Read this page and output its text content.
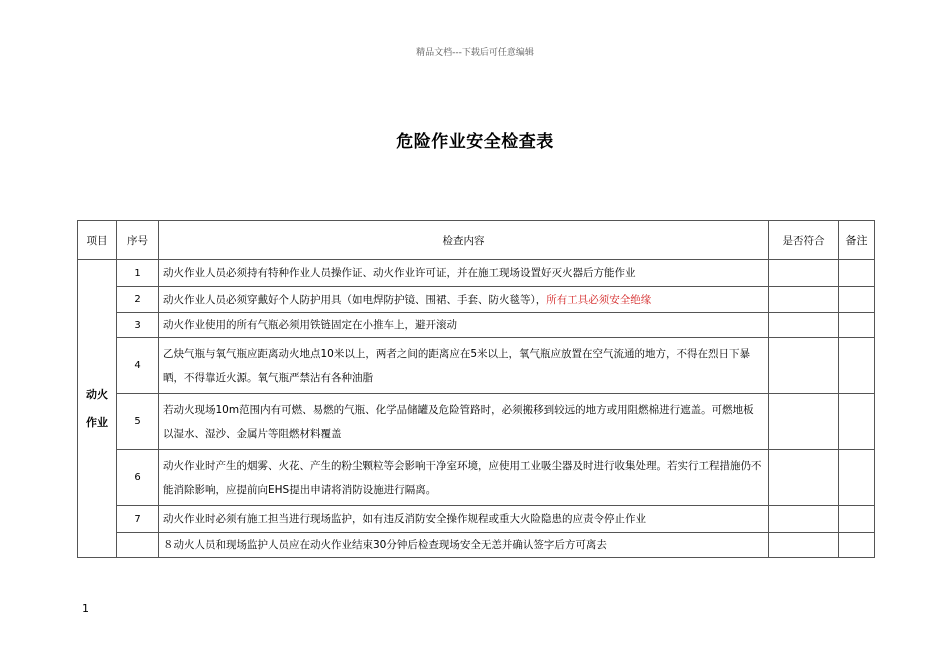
精品文档---下载后可任意编辑
危险作业安全检查表
项目	序号	检查内容	是否符合	备注

动火
作业	1	动火作业人员必须持有特种作业人员操作证、动火作业许可证，并在施工现场设置好灭火器后方能作业		
	2	动火作业人员必须穿戴好个人防护用具（如电焊防护镜、围裙、手套、防火毯等），所有工具必须安全绝缘		
	3	动火作业使用的所有气瓶必须用铁链固定在小推车上，避开滚动		
	4	乙炔气瓶与氧气瓶应距离动火地点10米以上，两者之间的距离应在5米以上，氧气瓶应放置在空气流通的地方，不得在烈日下暴晒，不得靠近火源。氧气瓶严禁沾有各种油脂		
	5	若动火现场10m范围内有可燃、易燃的气瓶、化学品储罐及危险管路时，必须搬移到较远的地方或用阻燃棉进行遮盖。可燃地板以湿水、湿沙、金属片等阻燃材料覆盖		
	6	动火作业时产生的烟雾、火花、产生的粉尘颗粒等会影响干净室环境，应使用工业吸尘器及时进行收集处理。若实行工程措施仍不能消除影响，应提前向EHS提出申请将消防设施进行隔离。		
	7	动火作业时必须有施工担当进行现场监护，如有违反消防安全操作规程或重大火险隐患的应责令停止作业		
		８动火人员和现场监护人员应在动火作业结束30分钟后检查现场安全无恙并确认签字后方可离去		
1
